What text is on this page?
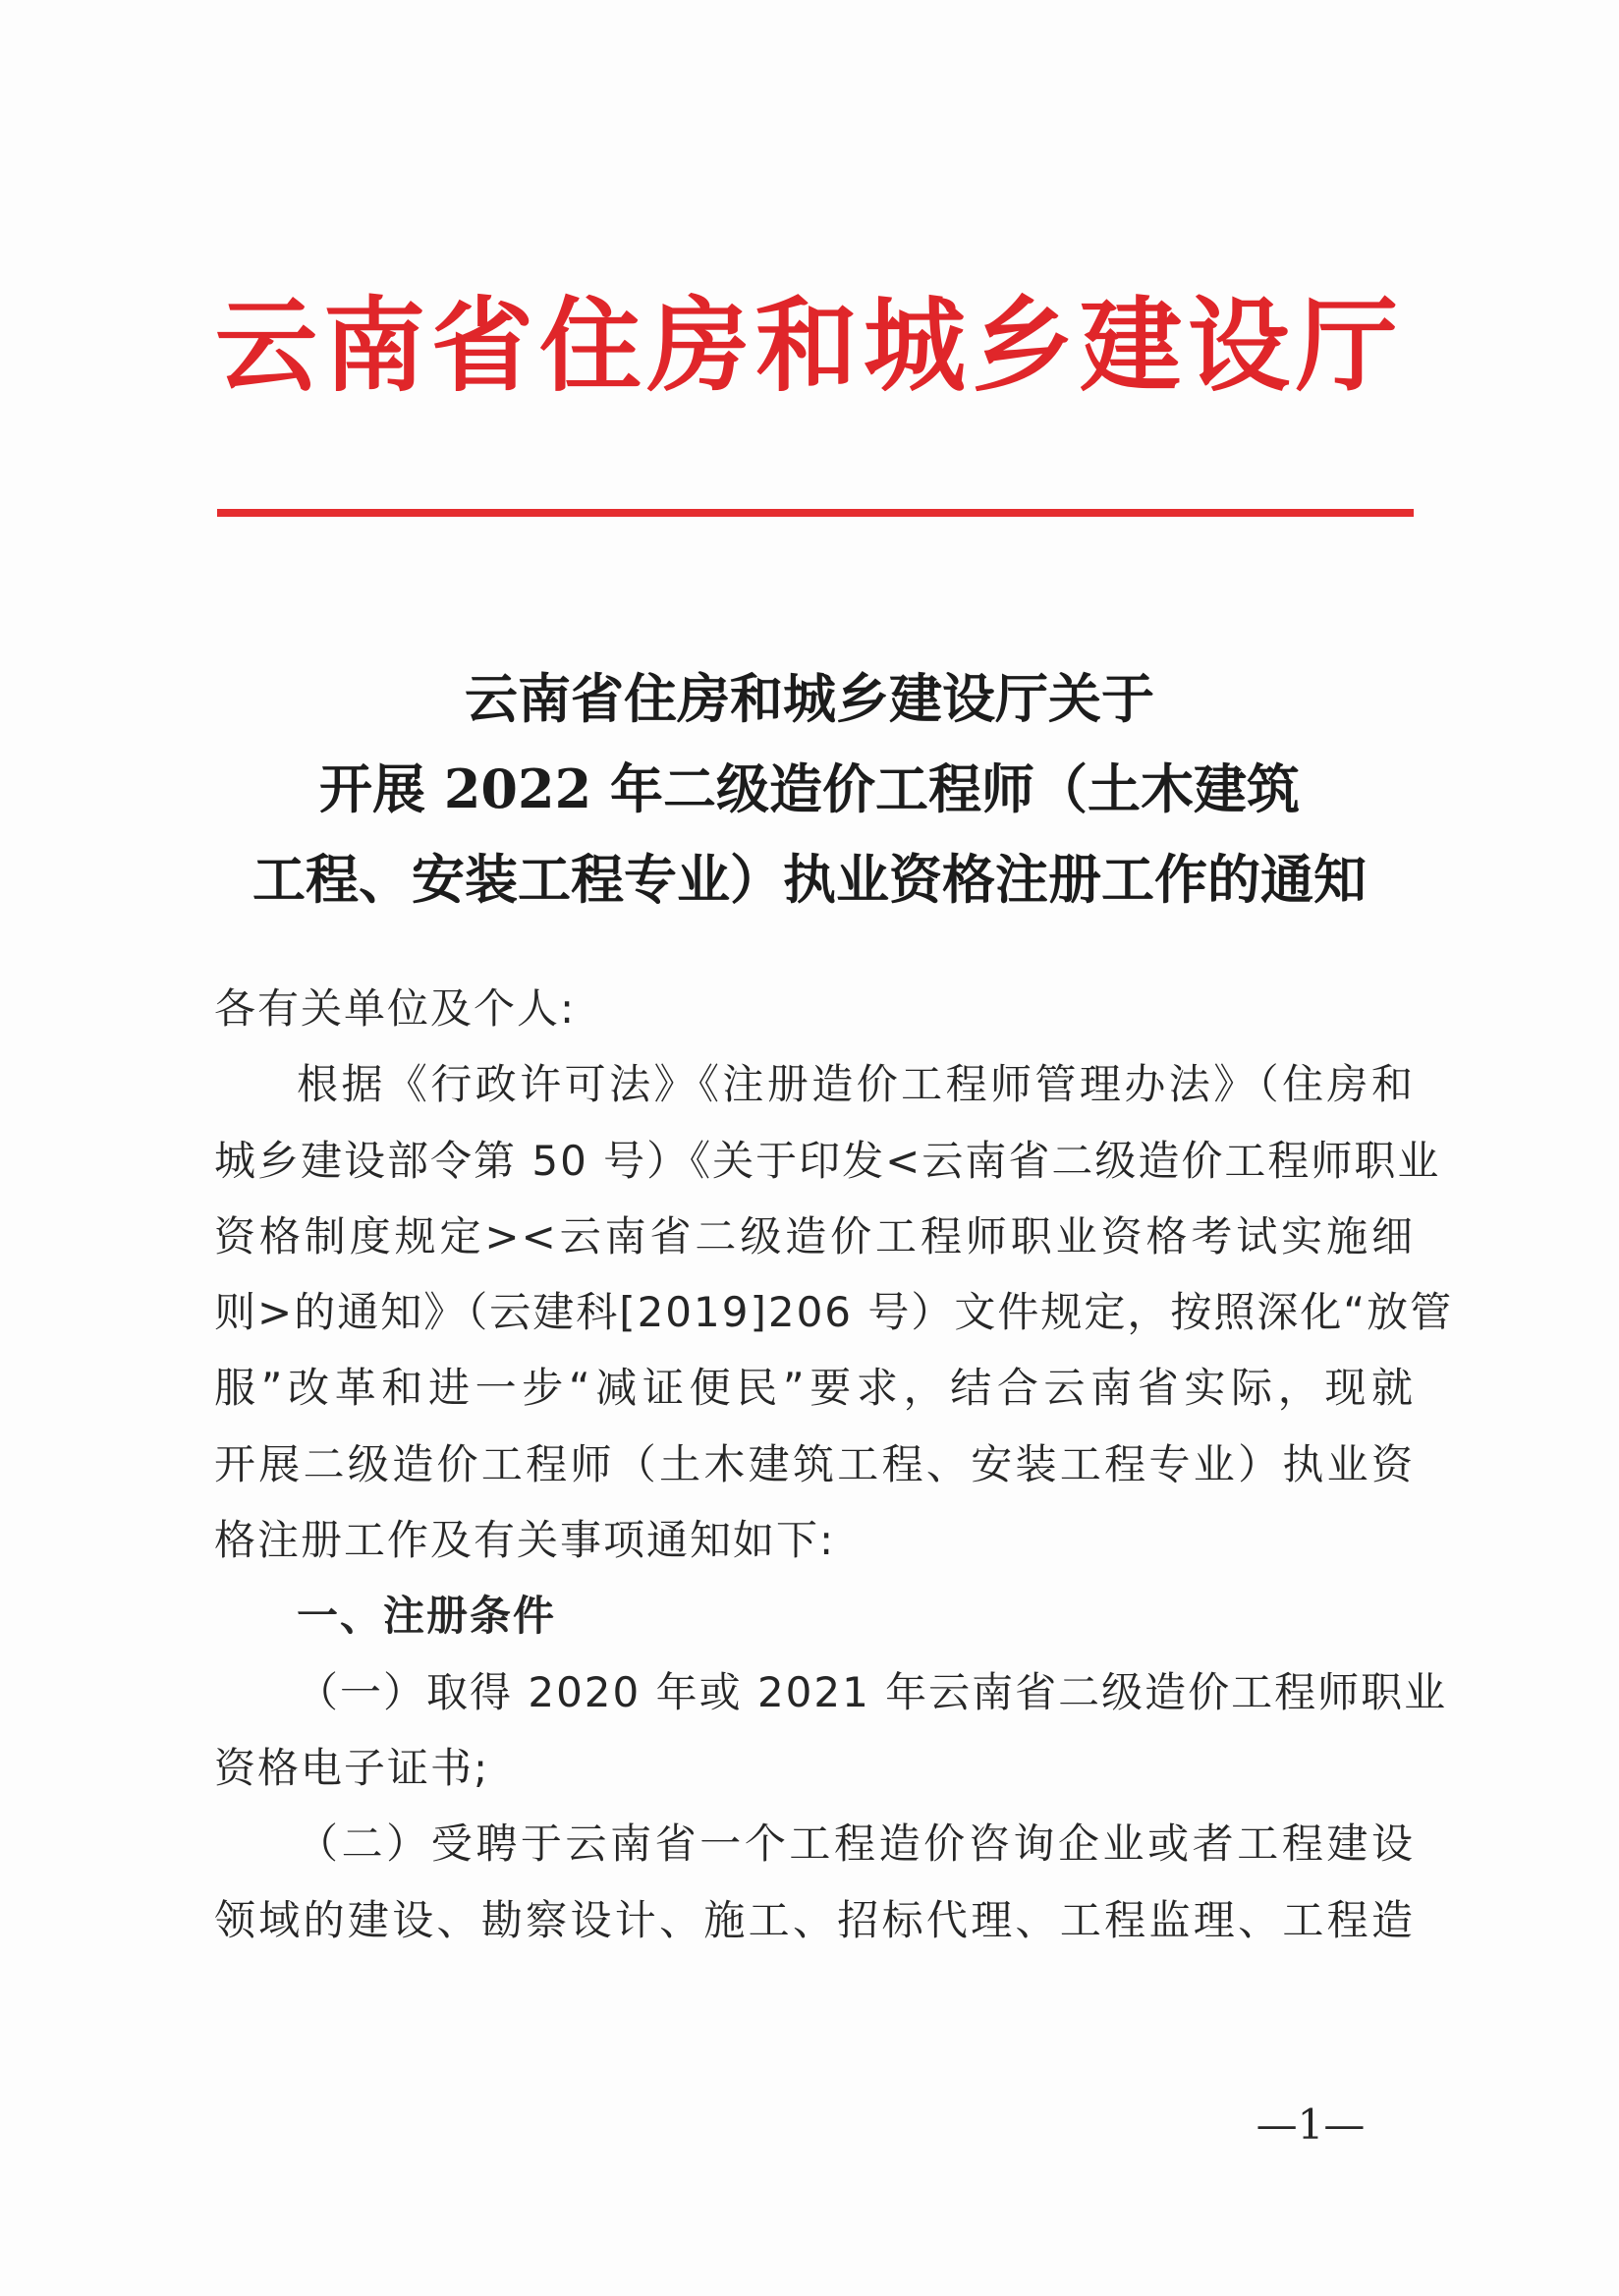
云南省住房和城乡建设厅
云南省住房和城乡建设厅关于
开展 2022 年二级造价工程师（土木建筑
工程、安装工程专业）执业资格注册工作的通知
各有关单位及个人:
根据《行政许可法》《注册造价工程师管理办法》（住房和
城乡建设部令第 50 号）《关于印发<云南省二级造价工程师职业
资格制度规定><云南省二级造价工程师职业资格考试实施细
则>的通知》（云建科[2019]206 号）文件规定，按照深化“放管
服”改革和进一步“减证便民”要求，结合云南省实际，现就
开展二级造价工程师（土木建筑工程、安装工程专业）执业资
格注册工作及有关事项通知如下:
一、注册条件
（一）取得 2020 年或 2021 年云南省二级造价工程师职业
资格电子证书;
（二）受聘于云南省一个工程造价咨询企业或者工程建设
领域的建设、勘察设计、施工、招标代理、工程监理、工程造
—1—
